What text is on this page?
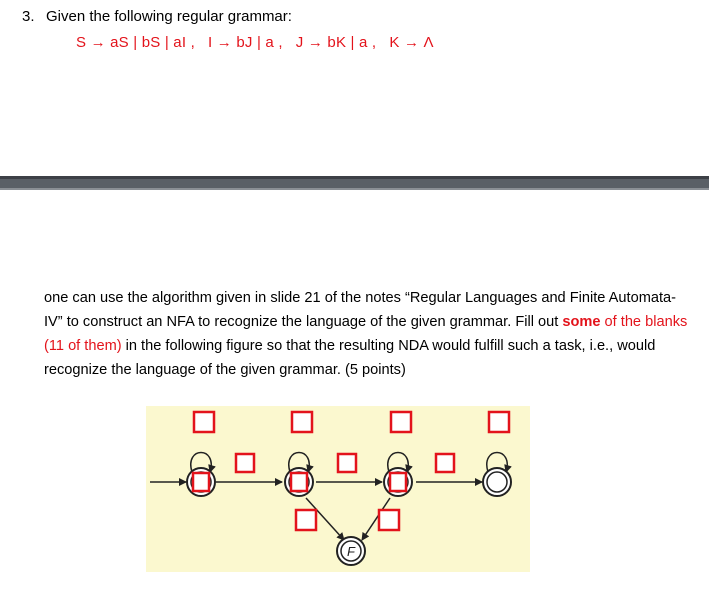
3. Given the following regular grammar:
S → aS | bS | aI ,   I → bJ | a ,   J → bK | a ,   K → Λ
one can use the algorithm given in slide 21 of the notes “Regular Languages and Finite Automata- IV” to construct an NFA to recognize the language of the given grammar. Fill out some of the blanks (11 of them) in the following figure so that the resulting NDA would fulfill such a task, i.e., would recognize the language of the given grammar. (5 points)
F
